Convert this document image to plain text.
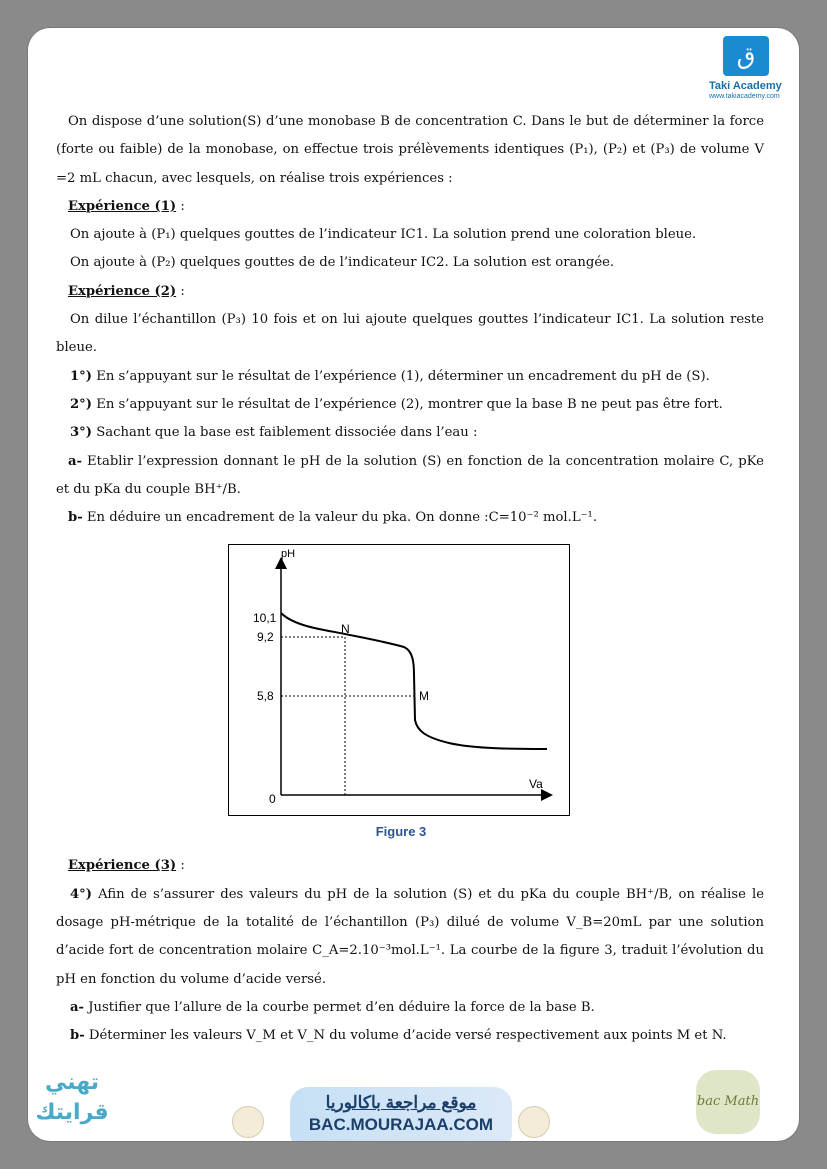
ق
Taki Academy
www.takiacademy.com

On dispose d’une solution(S) d’une monobase B de concentration C. Dans le but de déterminer la force (forte ou faible) de la monobase, on effectue trois prélèvements identiques (P₁), (P₂) et (P₃) de volume V =2 mL chacun, avec lesquels, on réalise trois expériences :

Expérience (1) :

On ajoute à (P₁) quelques gouttes de l’indicateur IC1. La solution prend une coloration bleue.

On ajoute à (P₂) quelques gouttes de de l’indicateur IC2. La solution est orangée.

Expérience (2) :

On dilue l’échantillon (P₃) 10 fois et on lui ajoute quelques gouttes l’indicateur IC1. La solution reste bleue.

1°) En s’appuyant sur le résultat de l’expérience (1), déterminer un encadrement du pH de (S).

2°) En s’appuyant sur le résultat de l’expérience (2), montrer que la base B ne peut pas être fort.

3°) Sachant que la base est faiblement dissociée dans l’eau :

a- Etablir l’expression donnant le pH de la solution (S) en fonction de la concentration molaire C, pKe et du pKa du couple BH⁺/B.

b- En déduire un encadrement de la valeur du pka. On donne :C=10⁻² mol.L⁻¹.

pH
Va
0
10,1
9,2
5,8
N
M
Figure 3

Expérience (3) :

4°) Afin de s’assurer des valeurs du pH de la solution (S) et du pKa du couple BH⁺/B, on réalise le dosage pH-métrique de la totalité de l’échantillon (P₃) dilué de volume V_B=20mL par une solution d’acide fort de concentration molaire C_A=2.10⁻³mol.L⁻¹. La courbe de la figure 3, traduit l’évolution du pH en fonction du volume d’acide versé.

a- Justifier que l’allure de la courbe permet d’en déduire la force de la base B.

b- Déterminer les valeurs V_M et V_N du volume d’acide versé respectivement aux points M et N.

تهني قرايتك	موقع مراجعة باكالوريا
BAC.MOURAJAA.COM
bac Math
